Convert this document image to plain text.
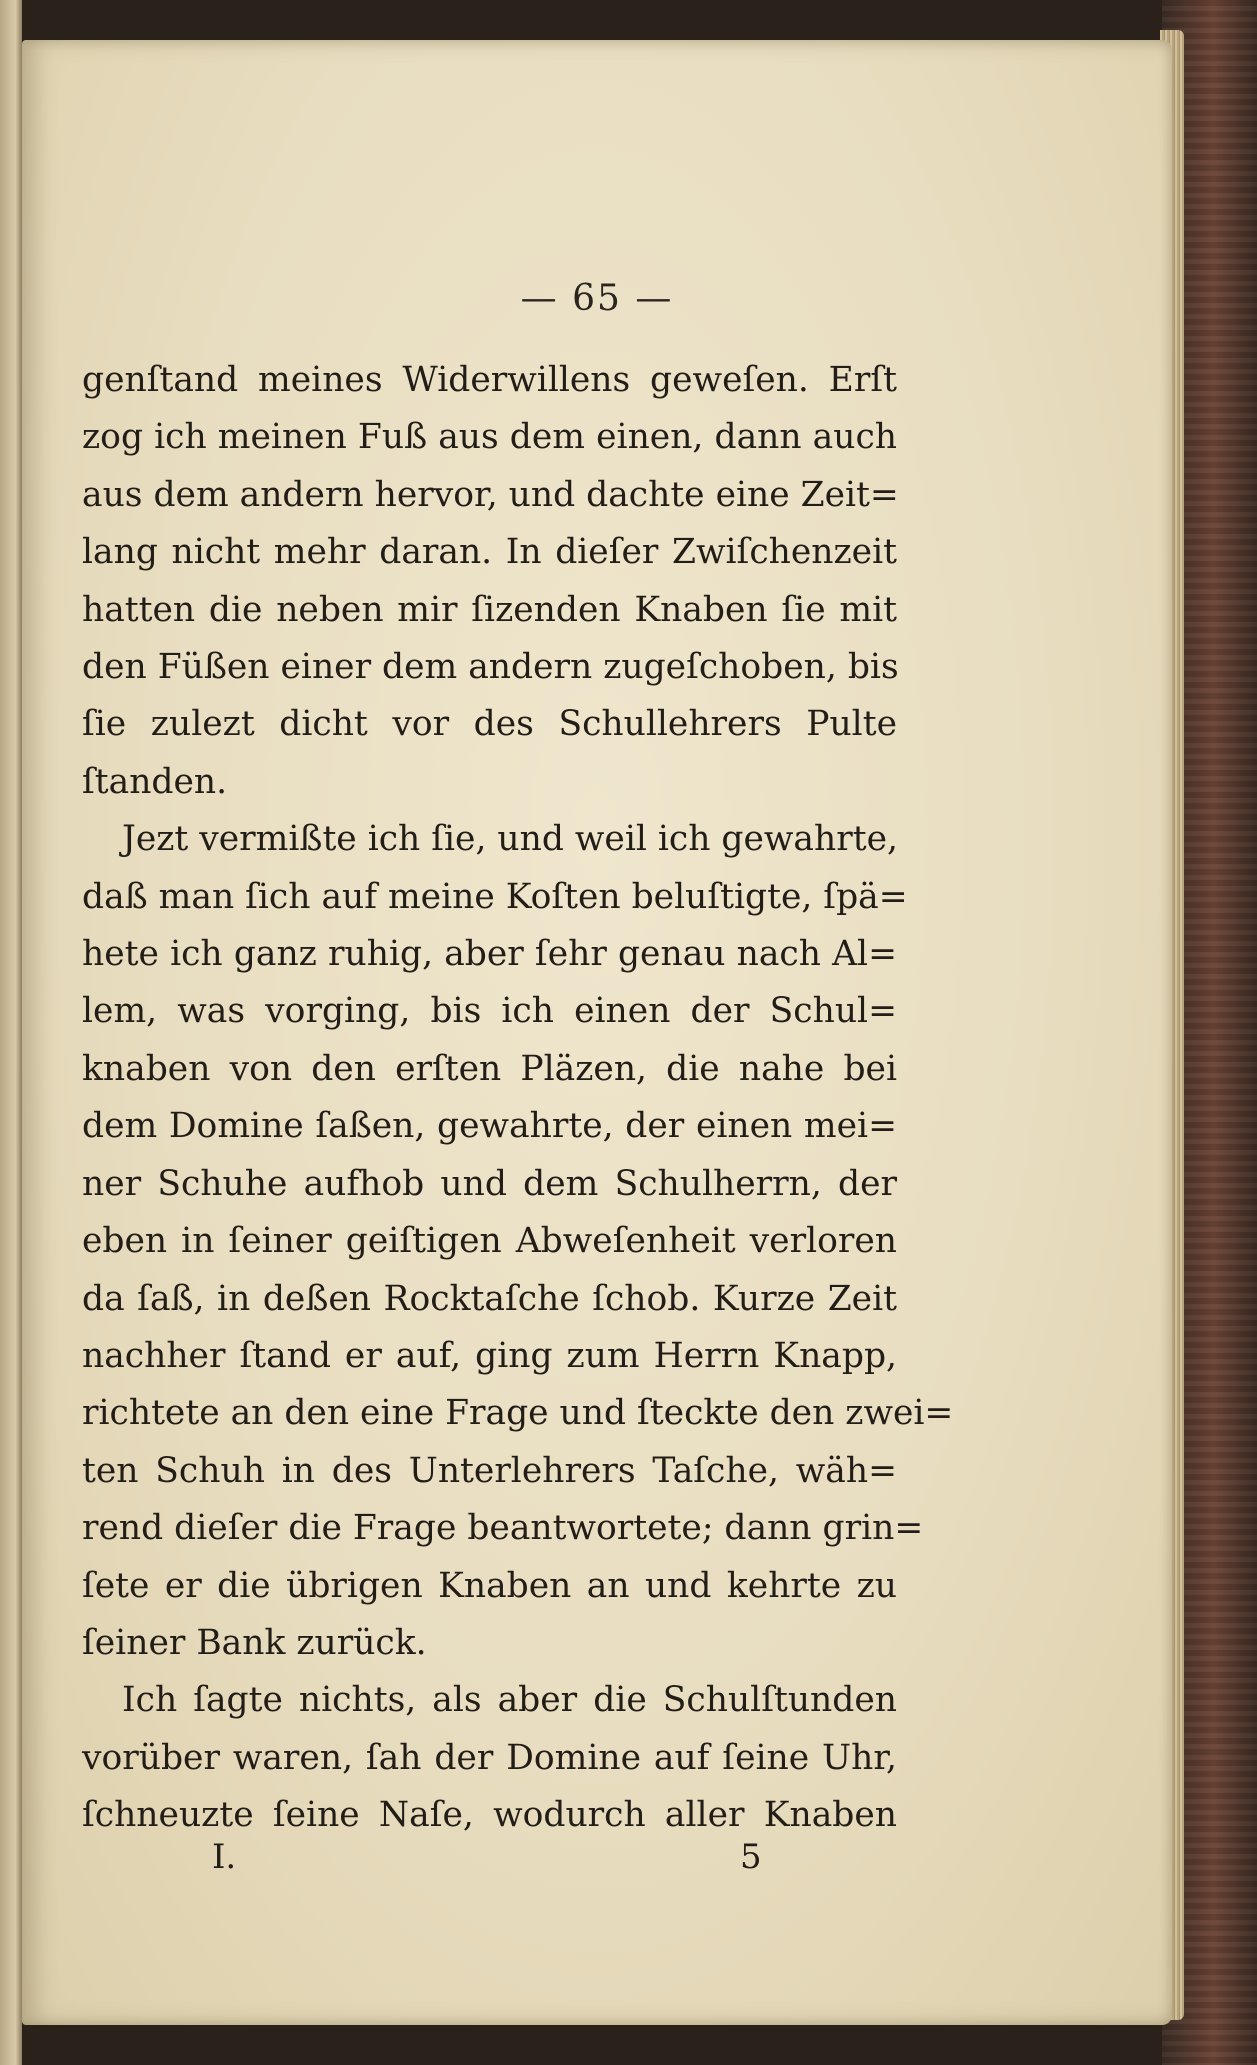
— 65 —
genſtand meines Widerwillens geweſen. Erſt
zog ich meinen Fuß aus dem einen, dann auch
aus dem andern hervor, und dachte eine Zeit=
lang nicht mehr daran. In dieſer Zwiſchenzeit
hatten die neben mir ſizenden Knaben ſie mit
den Füßen einer dem andern zugeſchoben, bis
ſie zulezt dicht vor des Schullehrers Pulte
ſtanden.
Jezt vermißte ich ſie, und weil ich gewahrte,
daß man ſich auf meine Koſten beluſtigte, ſpä=
hete ich ganz ruhig, aber ſehr genau nach Al=
lem, was vorging, bis ich einen der Schul=
knaben von den erſten Pläzen, die nahe bei
dem Domine ſaßen, gewahrte, der einen mei=
ner Schuhe aufhob und dem Schulherrn, der
eben in ſeiner geiſtigen Abweſenheit verloren
da ſaß, in deßen Rocktaſche ſchob. Kurze Zeit
nachher ſtand er auf, ging zum Herrn Knapp,
richtete an den eine Frage und ſteckte den zwei=
ten Schuh in des Unterlehrers Taſche, wäh=
rend dieſer die Frage beantwortete; dann grin=
ſete er die übrigen Knaben an und kehrte zu
ſeiner Bank zurück.
Ich ſagte nichts, als aber die Schulſtunden
vorüber waren, ſah der Domine auf ſeine Uhr,
ſchneuzte ſeine Naſe, wodurch aller Knaben
I.	5
